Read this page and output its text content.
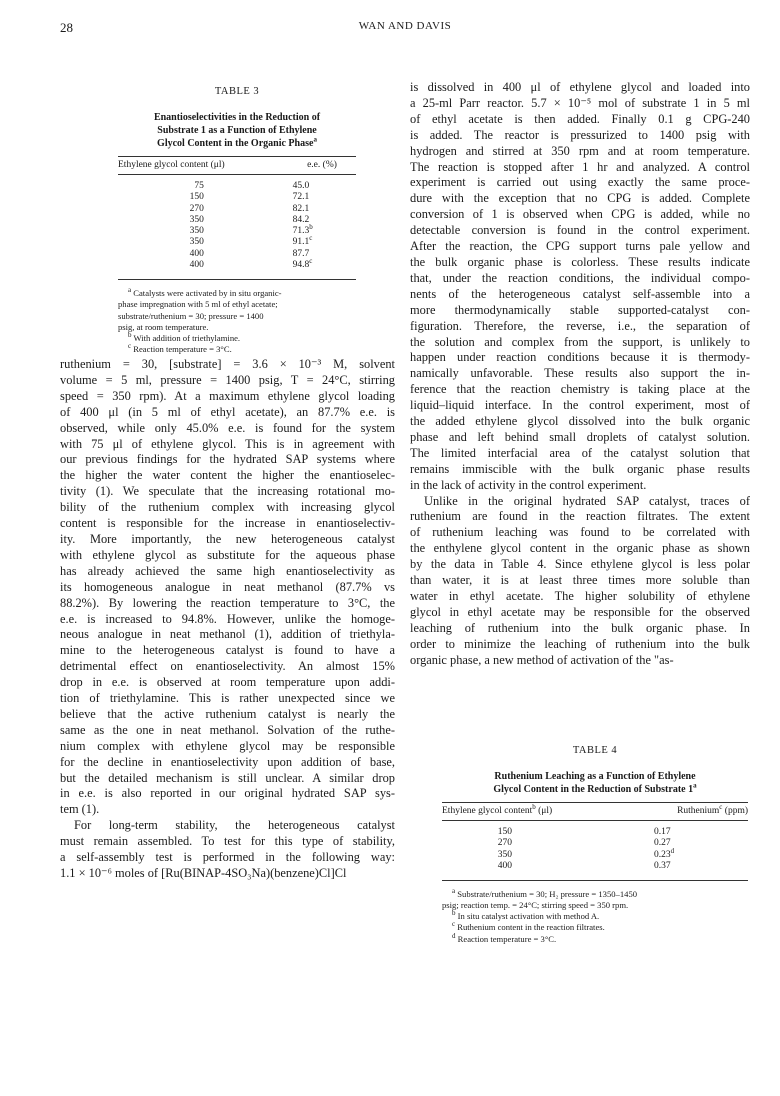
28	WAN AND DAVIS
TABLE 3
Enantioselectivities in the Reduction of
Substrate 1 as a Function of Ethylene
Glycol Content in the Organic Phase$^a$
Ethylene glycol content (μl)	e.e. (%)
75	45.0
150	72.1
270	82.1
350	84.2
350	71.3$^b$
350	91.1$^c$
400	87.7
400	94.8$^c$

$^a$ Catalysts were activated by in situ organic-

phase impregnation with 5 ml of ethyl acetate;

substrate/ruthenium = 30; pressure = 1400

psig, at room temperature.

$^b$ With addition of triethylamine.

$^c$ Reaction temperature = 3°C.

ruthenium = 30, [substrate] = 3.6 × 10⁻³ M, solvent
volume = 5 ml, pressure = 1400 psig, T = 24°C, stirring
speed = 350 rpm). At a maximum ethylene glycol loading
of 400 μl (in 5 ml of ethyl acetate), an 87.7% e.e. is
observed, while only 45.0% e.e. is found for the system
with 75 μl of ethylene glycol. This is in agreement with
our previous findings for the hydrated SAP systems where
the higher the water content the higher the enantioselec-
tivity (1). We speculate that the increasing rotational mo-
bility of the ruthenium complex with increasing glycol
content is responsible for the increase in enantioselectiv-
ity. More importantly, the new heterogeneous catalyst
with ethylene glycol as substitute for the aqueous phase
has already achieved the same high enantioselectivity as
its homogeneous analogue in neat methanol (87.7% vs
88.2%). By lowering the reaction temperature to 3°C, the
e.e. is increased to 94.8%. However, unlike the homoge-
neous analogue in neat methanol (1), addition of triethyla-
mine to the heterogeneous catalyst is found to have a
detrimental effect on enantioselectivity. An almost 15%
drop in e.e. is observed at room temperature upon addi-
tion of triethylamine. This is rather unexpected since we
believe that the active ruthenium catalyst is nearly the
same as the one in neat methanol. Solvation of the ruthe-
nium complex with ethylene glycol may be responsible
for the decline in enantioselectivity upon addition of base,
but the detailed mechanism is still unclear. A similar drop
in e.e. is also reported in our original hydrated SAP sys-
tem (1).
For long-term stability, the heterogeneous catalyst
must remain assembled. To test for this type of stability,
a self-assembly test is performed in the following way:
1.1 × 10⁻⁶ moles of [Ru(BINAP-4SO₃Na)(benzene)Cl]Cl
is dissolved in 400 μl of ethylene glycol and loaded into
a 25-ml Parr reactor. 5.7 × 10⁻⁵ mol of substrate 1 in 5 ml
of ethyl acetate is then added. Finally 0.1 g CPG-240
is added. The reactor is pressurized to 1400 psig with
hydrogen and stirred at 350 rpm and at room temperature.
The reaction is stopped after 1 hr and analyzed. A control
experiment is carried out using exactly the same proce-
dure with the exception that no CPG is added. Complete
conversion of 1 is observed when CPG is added, while no
detectable conversion is found in the control experiment.
After the reaction, the CPG support turns pale yellow and
the bulk organic phase is colorless. These results indicate
that, under the reaction conditions, the individual compo-
nents of the heterogeneous catalyst self-assemble into a
more thermodynamically stable supported-catalyst con-
figuration. Therefore, the reverse, i.e., the separation of
the solution and complex from the support, is unlikely to
happen under reaction conditions because it is thermody-
namically unfavorable. These results also support the in-
ference that the reaction chemistry is taking place at the
liquid–liquid interface. In the control experiment, most of
the added ethylene glycol dissolved into the bulk organic
phase and left behind small droplets of catalyst solution.
The limited interfacial area of the catalyst solution that
remains immiscible with the bulk organic phase results
in the lack of activity in the control experiment.
Unlike in the original hydrated SAP catalyst, traces of
ruthenium are found in the reaction filtrates. The extent
of ruthenium leaching was found to be correlated with
the enthylene glycol content in the organic phase as shown
by the data in Table 4. Since ethylene glycol is less polar
than water, it is at least three times more soluble than
water in ethyl acetate. The higher solubility of ethylene
glycol in ethyl acetate may be responsible for the observed
leaching of ruthenium into the bulk organic phase. In
order to minimize the leaching of ruthenium into the bulk
organic phase, a new method of activation of the "as-
TABLE 4
Ruthenium Leaching as a Function of Ethylene
Glycol Content in the Reduction of Substrate 1$^a$
Ethylene glycol content$^b$ (μl)	Ruthenium$^c$ (ppm)
150	0.17
270	0.27
350	0.23$^d$
400	0.37

$^a$ Substrate/ruthenium = 30; H₂ pressure = 1350–1450

psig; reaction temp. = 24°C; stirring speed = 350 rpm.

$^b$ In situ catalyst activation with method A.

$^c$ Ruthenium content in the reaction filtrates.

$^d$ Reaction temperature = 3°C.
